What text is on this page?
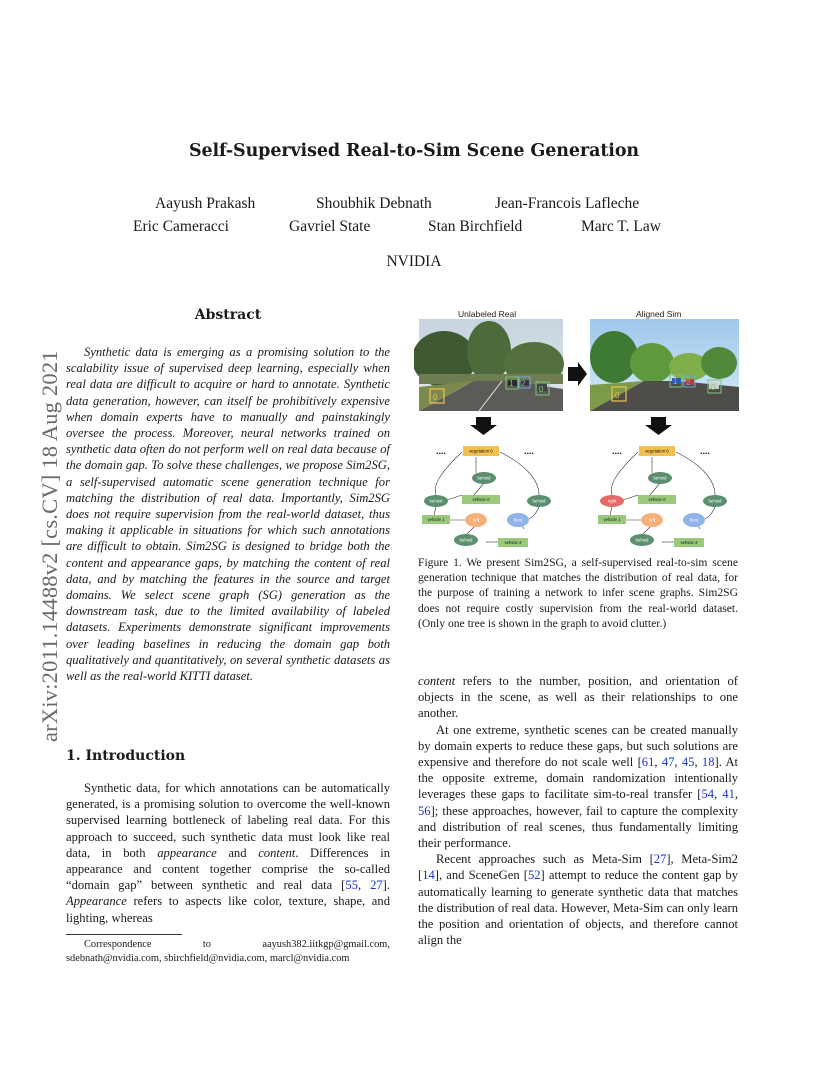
Self-Supervised Real-to-Sim Scene Generation
Aayush Prakash	Shoubhik Debnath	Jean-Francois Lafleche
Eric Cameracci	Gavriel State	Stan Birchfield	Marc T. Law
NVIDIA
arXiv:2011.14488v2 [cs.CV] 18 Aug 2021
Abstract
Synthetic data is emerging as a promising solution to the scalability issue of supervised deep learning, especially when real data are difficult to acquire or hard to annotate. Synthetic data generation, however, can itself be prohibitively expensive when domain experts have to manually and painstakingly oversee the process. Moreover, neural networks trained on synthetic data often do not perform well on real data because of the domain gap. To solve these challenges, we propose Sim2SG, a self-supervised automatic scene generation technique for matching the distribution of real data. Importantly, Sim2SG does not require supervision from the real-world dataset, thus making it applicable in situations for which such annotations are difficult to obtain. Sim2SG is designed to bridge both the content and appearance gaps, by matching the content of real data, and by matching the features in the source and target domains. We select scene graph (SG) generation as the downstream task, due to the limited availability of labeled datasets. Experiments demonstrate significant improvements over leading baselines in reducing the domain gap both qualitatively and quantitatively, on several synthetic datasets as well as the real-world KITTI dataset.
1. Introduction
Synthetic data, for which annotations can be automatically generated, is a promising solution to overcome the well-known supervised learning bottleneck of labeling real data. For this approach to succeed, such synthetic data must look like real data, in both appearance and content. Differences in appearance and content together comprise the so-called “domain gap” between synthetic and real data [55, 27]. Appearance refers to aspects like color, texture, shape, and lighting, whereas
Correspondence to aayush382.iitkgp@gmail.com, sdebnath@nvidia.com, sbirchfield@nvidia.com, marcl@nvidia.com
Unlabeled Real	Aligned Sim
0
1 2
0
0
1 2
0
....	....
vegetation 0
behind
behind	vehicle 0	behind
vehicle 1	left	front
behind	vehicle 2
....	....
vegetation 0
behind
right	vehicle 0	behind
vehicle 1	left	front
behind	vehicle 2
Figure 1. We present Sim2SG, a self-supervised real-to-sim scene generation technique that matches the distribution of real data, for the purpose of training a network to infer scene graphs. Sim2SG does not require costly supervision from the real-world dataset. (Only one tree is shown in the graph to avoid clutter.)

content refers to the number, position, and orientation of objects in the scene, as well as their relationships to one another.

At one extreme, synthetic scenes can be created manually by domain experts to reduce these gaps, but such solutions are expensive and therefore do not scale well [61, 47, 45, 18]. At the opposite extreme, domain randomization intentionally leverages these gaps to facilitate sim-to-real transfer [54, 41, 56]; these approaches, however, fail to capture the complexity and distribution of real scenes, thus fundamentally limiting their performance.

Recent approaches such as Meta-Sim [27], Meta-Sim2 [14], and SceneGen [52] attempt to reduce the content gap by automatically learning to generate synthetic data that matches the distribution of real data. However, Meta-Sim can only learn the position and orientation of objects, and therefore cannot align the
